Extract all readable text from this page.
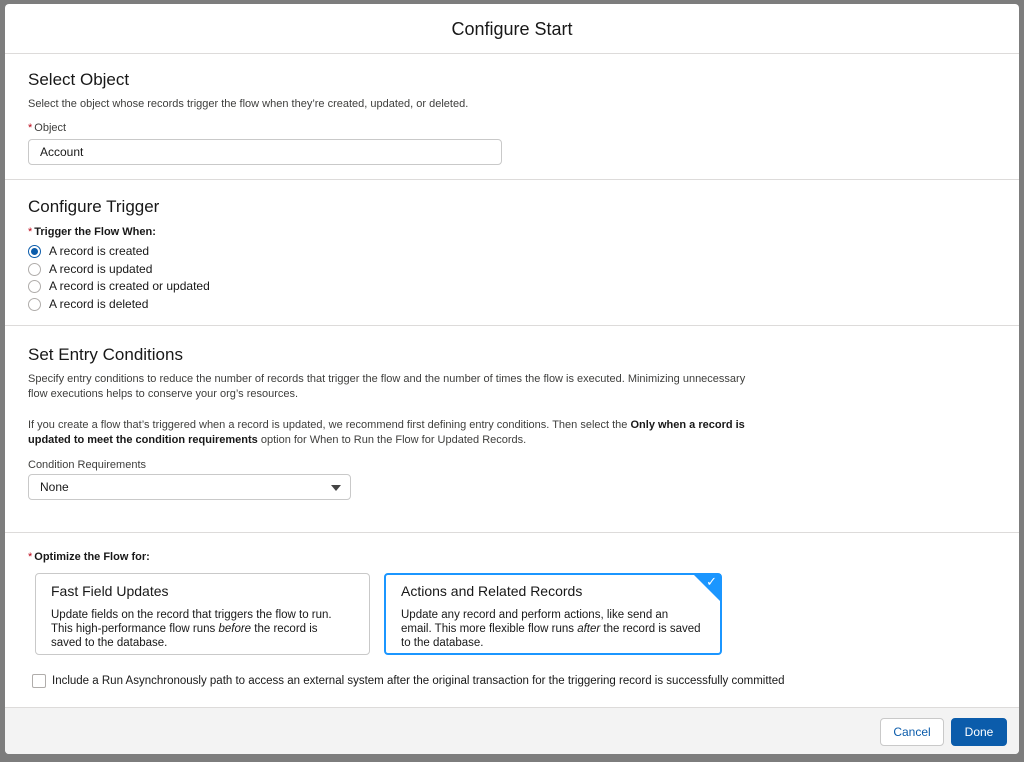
Configure Start
Select Object
Select the object whose records trigger the flow when they’re created, updated, or deleted.
* Object
Account
Configure Trigger
* Trigger the Flow When:
A record is created
A record is updated
A record is created or updated
A record is deleted
Set Entry Conditions
Specify entry conditions to reduce the number of records that trigger the flow and the number of times the flow is executed. Minimizing unnecessary
flow executions helps to conserve your org’s resources.
If you create a flow that’s triggered when a record is updated, we recommend first defining entry conditions. Then select the Only when a record is
updated to meet the condition requirements option for When to Run the Flow for Updated Records.
Condition Requirements
None
* Optimize the Flow for:
Fast Field Updates
Update fields on the record that triggers the flow to run. This high-performance flow runs before the record is saved to the database.
Actions and Related Records
Update any record and perform actions, like send an email. This more flexible flow runs after the record is saved to the database.
✓
Include a Run Asynchronously path to access an external system after the original transaction for the triggering record is successfully committed
Cancel	Done
